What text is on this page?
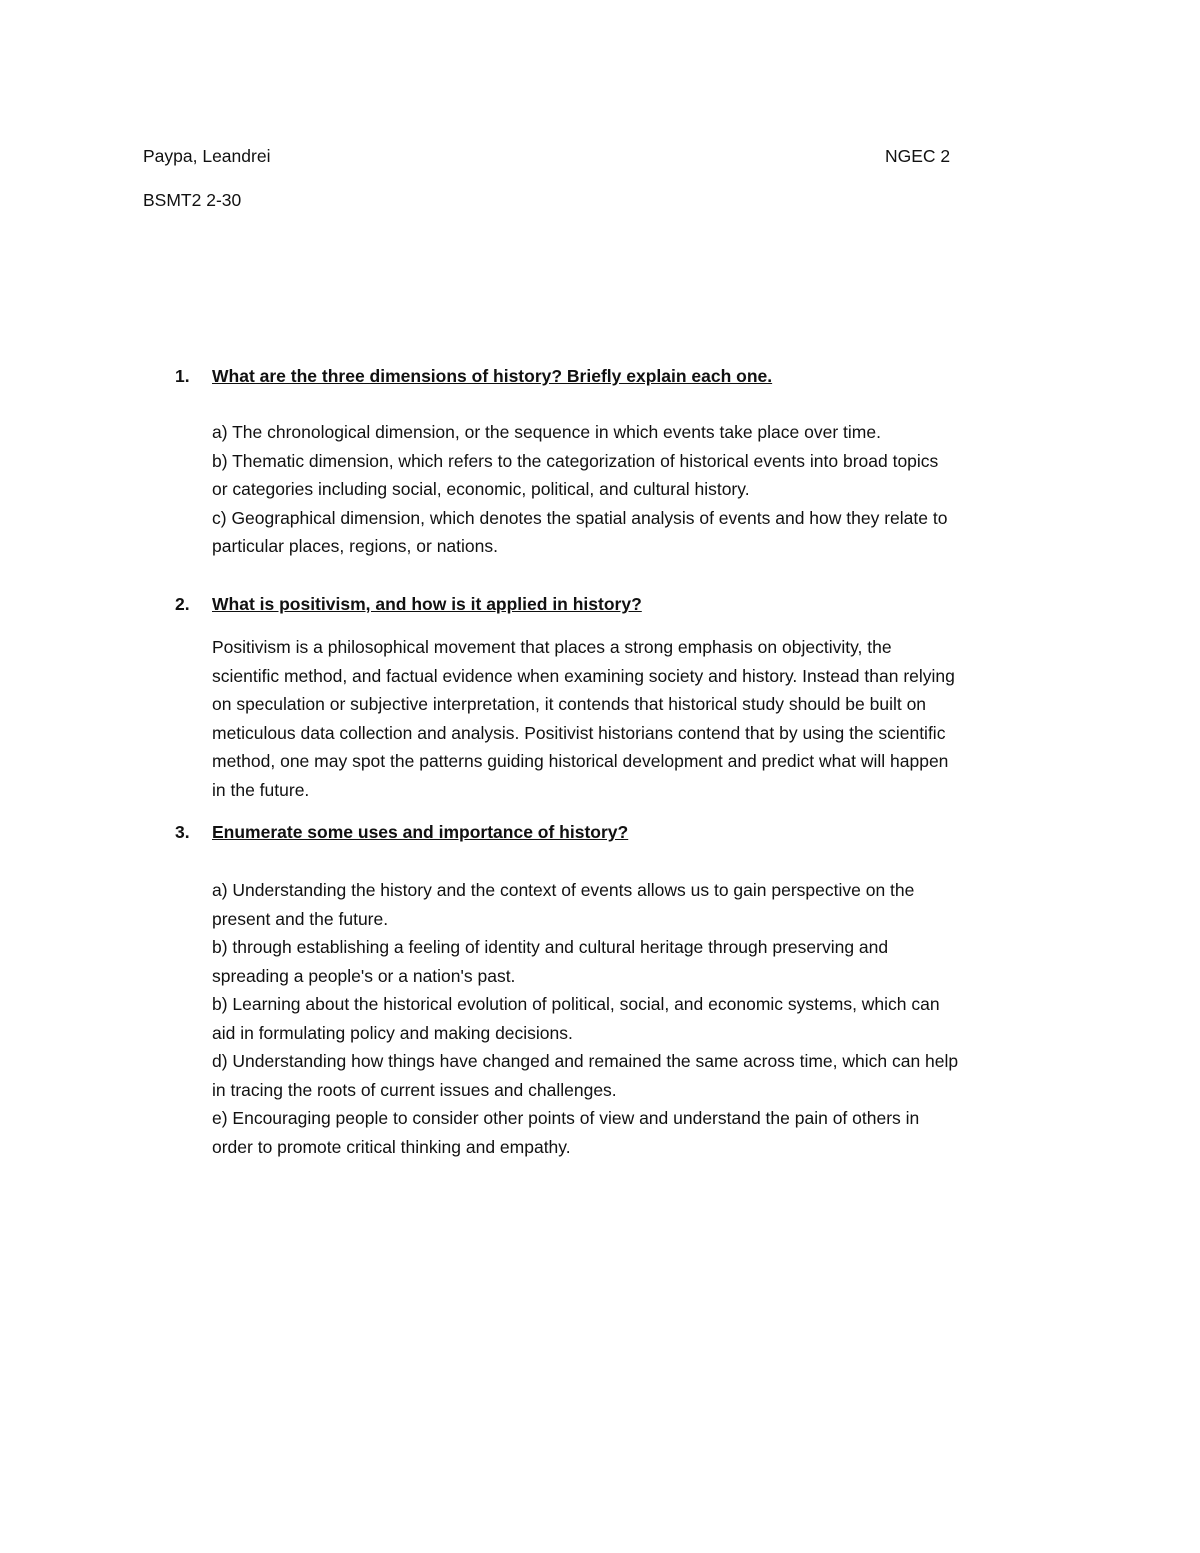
Paypa, Leandrei	NGEC 2
BSMT2 2-30
1. What are the three dimensions of history? Briefly explain each one.
a) The chronological dimension, or the sequence in which events take place over time.
b) Thematic dimension, which refers to the categorization of historical events into broad topics
or categories including social, economic, political, and cultural history.
c) Geographical dimension, which denotes the spatial analysis of events and how they relate to
particular places, regions, or nations.
2. What is positivism, and how is it applied in history?
Positivism is a philosophical movement that places a strong emphasis on objectivity, the
scientific method, and factual evidence when examining society and history. Instead than relying
on speculation or subjective interpretation, it contends that historical study should be built on
meticulous data collection and analysis. Positivist historians contend that by using the scientific
method, one may spot the patterns guiding historical development and predict what will happen
in the future.
3. Enumerate some uses and importance of history?
a) Understanding the history and the context of events allows us to gain perspective on the
present and the future.
b) through establishing a feeling of identity and cultural heritage through preserving and
spreading a people's or a nation's past.
b) Learning about the historical evolution of political, social, and economic systems, which can
aid in formulating policy and making decisions.
d) Understanding how things have changed and remained the same across time, which can help
in tracing the roots of current issues and challenges.
e) Encouraging people to consider other points of view and understand the pain of others in
order to promote critical thinking and empathy.
